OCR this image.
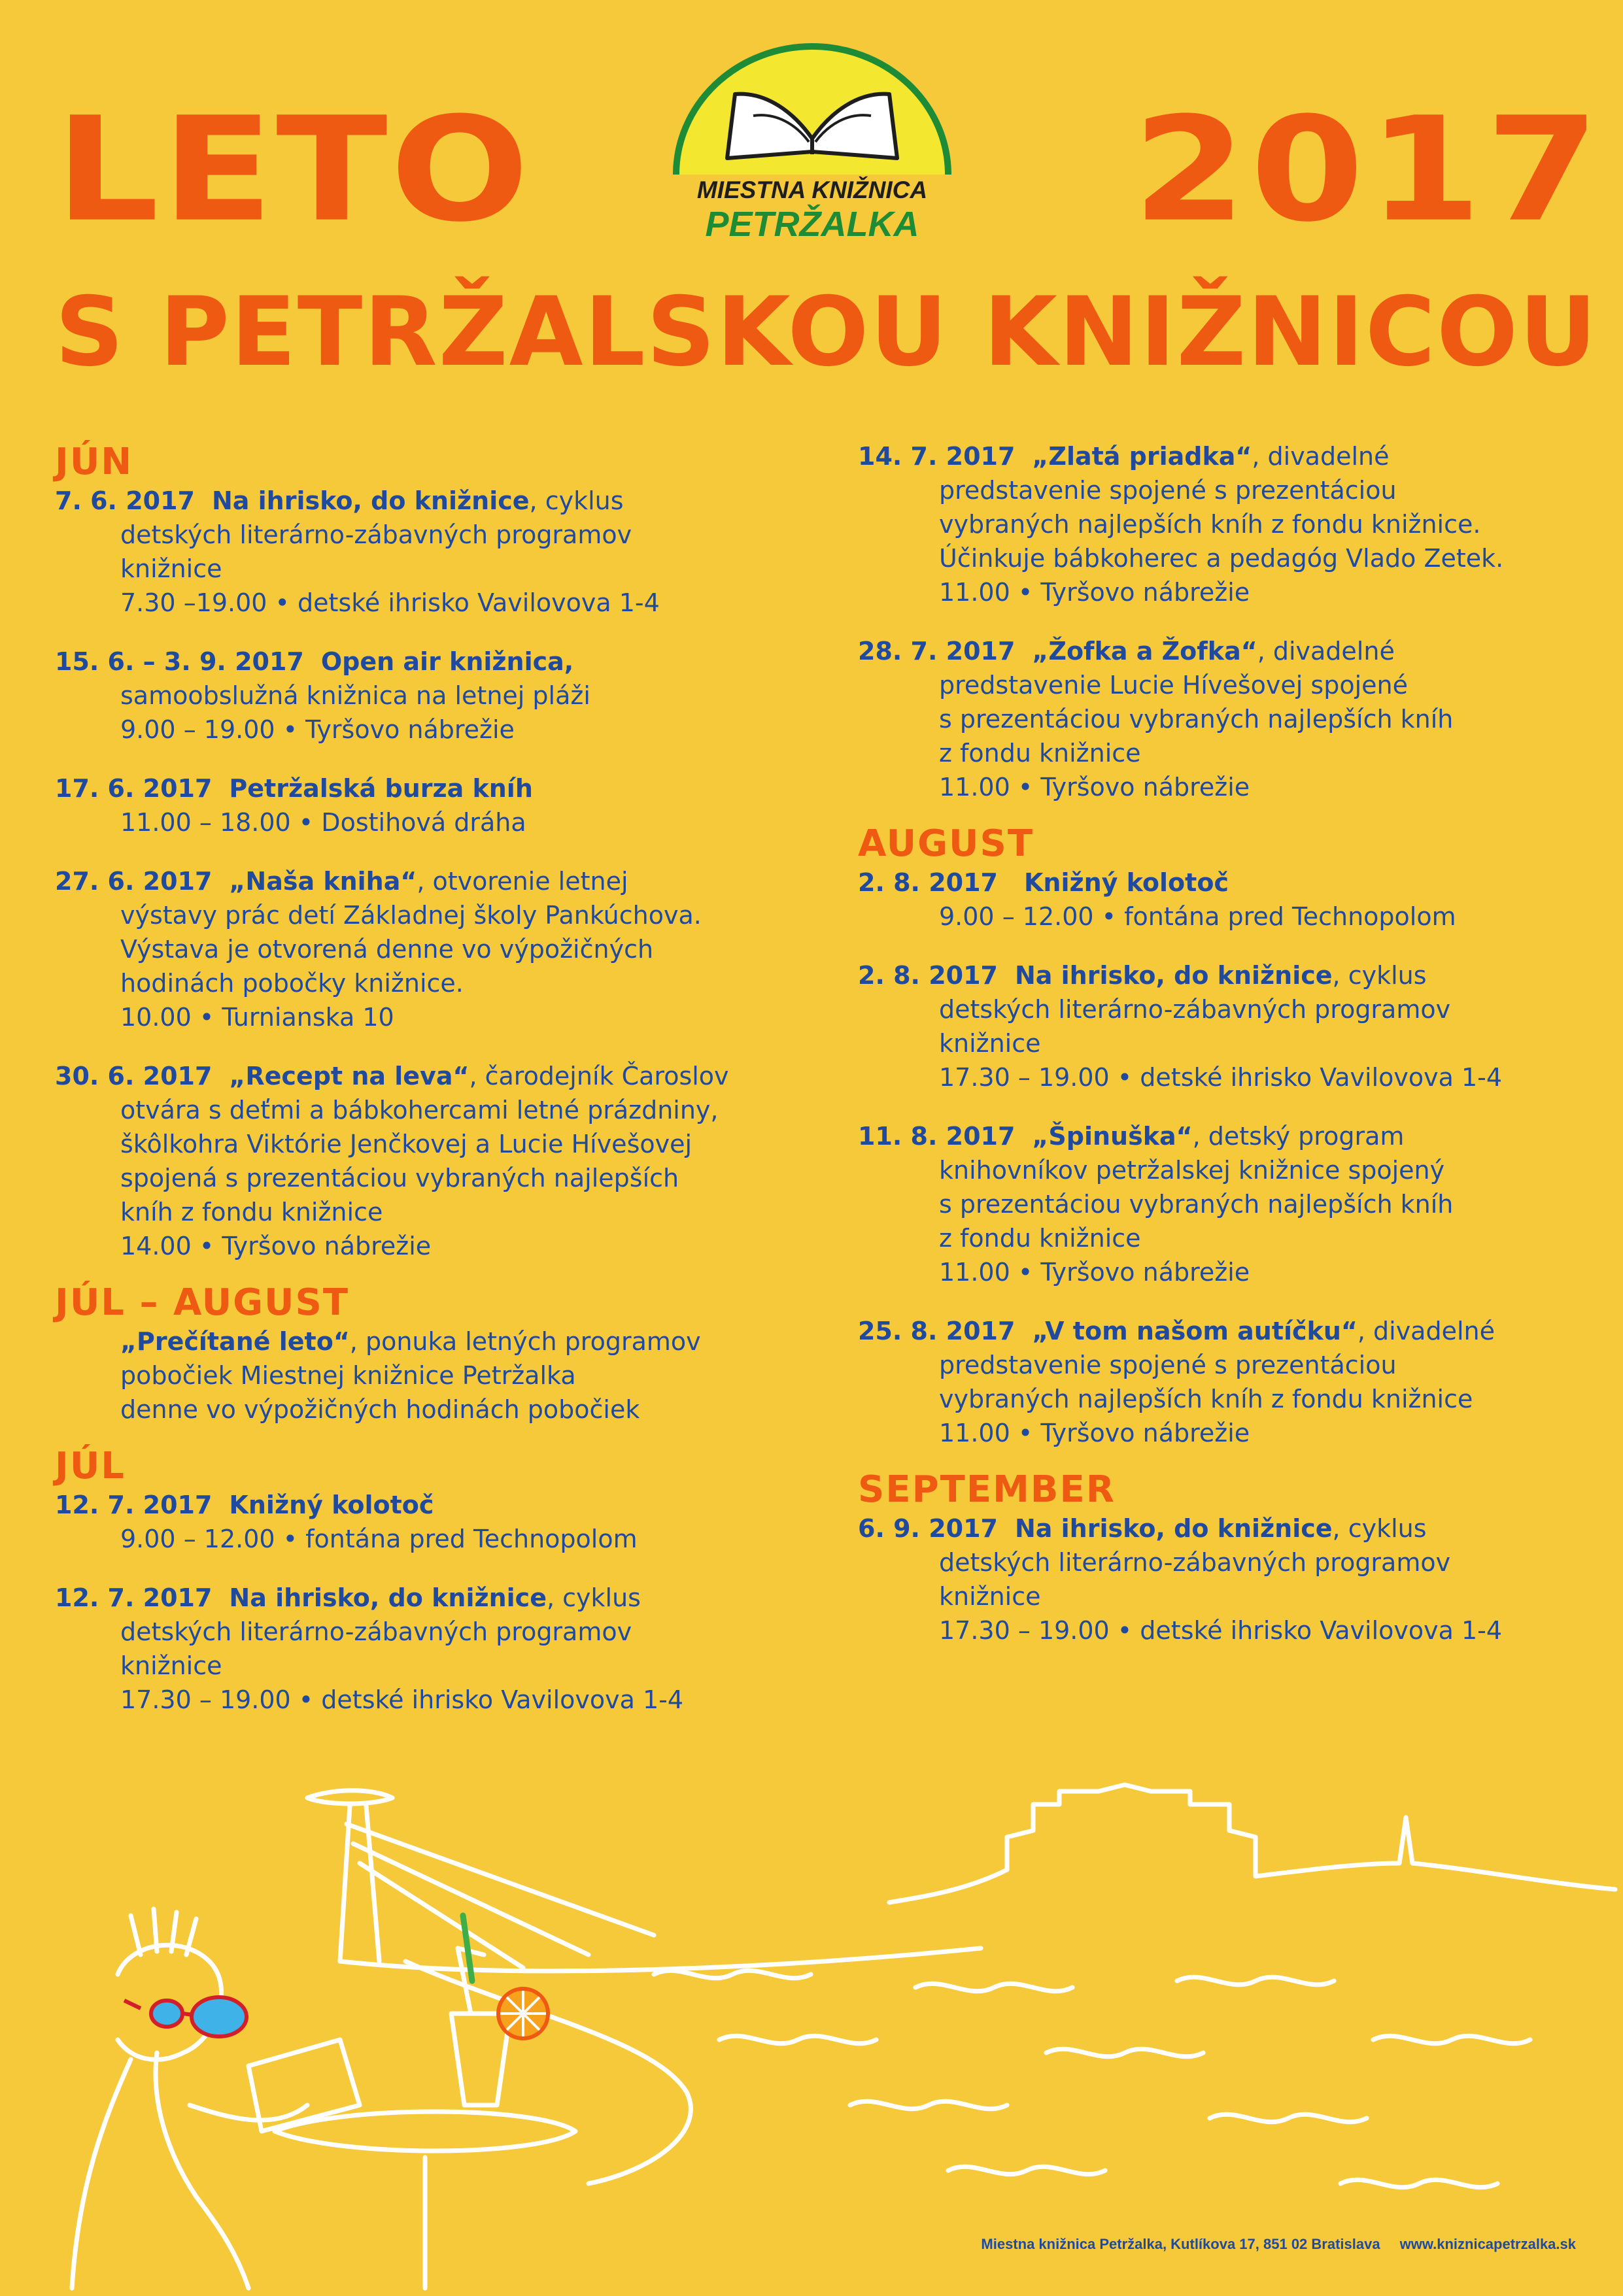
LETO	2017
MIESTNA KNIŽNICA
PETRŽALKA
S PETRŽALSKOU KNIŽNICOU
JÚN
7. 6. 2017 Na ihrisko, do knižnice, cyklus
detských literárno-zábavných programov
knižnice
7.30 –19.00 • detské ihrisko Vavilovova 1-4
15. 6. – 3. 9. 2017 Open air knižnica,
samoobslužná knižnica na letnej pláži
9.00 – 19.00 • Tyršovo nábrežie
17. 6. 2017 Petržalská burza kníh
11.00 – 18.00 • Dostihová dráha
27. 6. 2017 „Naša kniha“, otvorenie letnej
výstavy prác detí Základnej školy Pankúchova.
Výstava je otvorená denne vo výpožičných
hodinách pobočky knižnice.
10.00 • Turnianska 10
30. 6. 2017 „Recept na leva“, čarodejník Čaroslov
otvára s deťmi a bábkohercami letné prázdniny,
škôlkohra Viktórie Jenčkovej a Lucie Hívešovej
spojená s prezentáciou vybraných najlepších
kníh z fondu knižnice
14.00 • Tyršovo nábrežie
JÚL – AUGUST
„Prečítané leto“, ponuka letných programov
pobočiek Miestnej knižnice Petržalka
denne vo výpožičných hodinách pobočiek
JÚL
12. 7. 2017 Knižný kolotoč
9.00 – 12.00 • fontána pred Technopolom
12. 7. 2017 Na ihrisko, do knižnice, cyklus
detských literárno-zábavných programov
knižnice
17.30 – 19.00 • detské ihrisko Vavilovova 1-4
14. 7. 2017 „Zlatá priadka“, divadelné
predstavenie spojené s prezentáciou
vybraných najlepších kníh z fondu knižnice.
Účinkuje bábkoherec a pedagóg Vlado Zetek.
11.00 • Tyršovo nábrežie
28. 7. 2017 „Žofka a Žofka“, divadelné
predstavenie Lucie Hívešovej spojené
s prezentáciou vybraných najlepších kníh
z fondu knižnice
11.00 • Tyršovo nábrežie
AUGUST
2. 8. 2017 Knižný kolotoč
9.00 – 12.00 • fontána pred Technopolom
2. 8. 2017 Na ihrisko, do knižnice, cyklus
detských literárno-zábavných programov
knižnice
17.30 – 19.00 • detské ihrisko Vavilovova 1-4
11. 8. 2017 „Špinuška“, detský program
knihovníkov petržalskej knižnice spojený
s prezentáciou vybraných najlepších kníh
z fondu knižnice
11.00 • Tyršovo nábrežie
25. 8. 2017 „V tom našom autíčku“, divadelné
predstavenie spojené s prezentáciou
vybraných najlepších kníh z fondu knižnice
11.00 • Tyršovo nábrežie
SEPTEMBER
6. 9. 2017 Na ihrisko, do knižnice, cyklus
detských literárno-zábavných programov
knižnice
17.30 – 19.00 • detské ihrisko Vavilovova 1-4
Miestna knižnica Petržalka, Kutlíkova 17, 851 02 Bratislava www.kniznicapetrzalka.sk
